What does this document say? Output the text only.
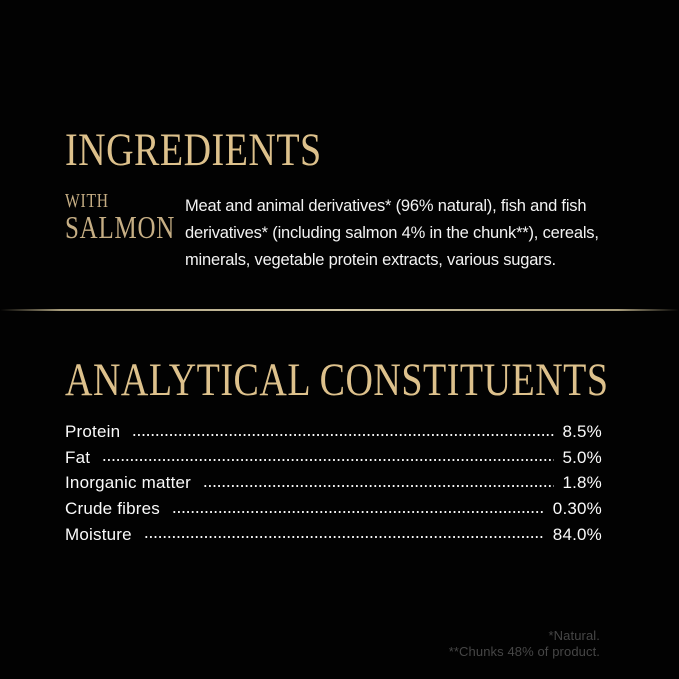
INGREDIENTS
WITH
SALMON
Meat and animal derivatives* (96% natural), fish and fish
derivatives* (including salmon 4% in the chunk**), cereals,
minerals, vegetable protein extracts, various sugars.
ANALYTICAL CONSTITUENTS
Protein	8.5%
Fat	5.0%
Inorganic matter	1.8%
Crude fibres	0.30%
Moisture	84.0%
*Natural.
**Chunks 48% of product.
